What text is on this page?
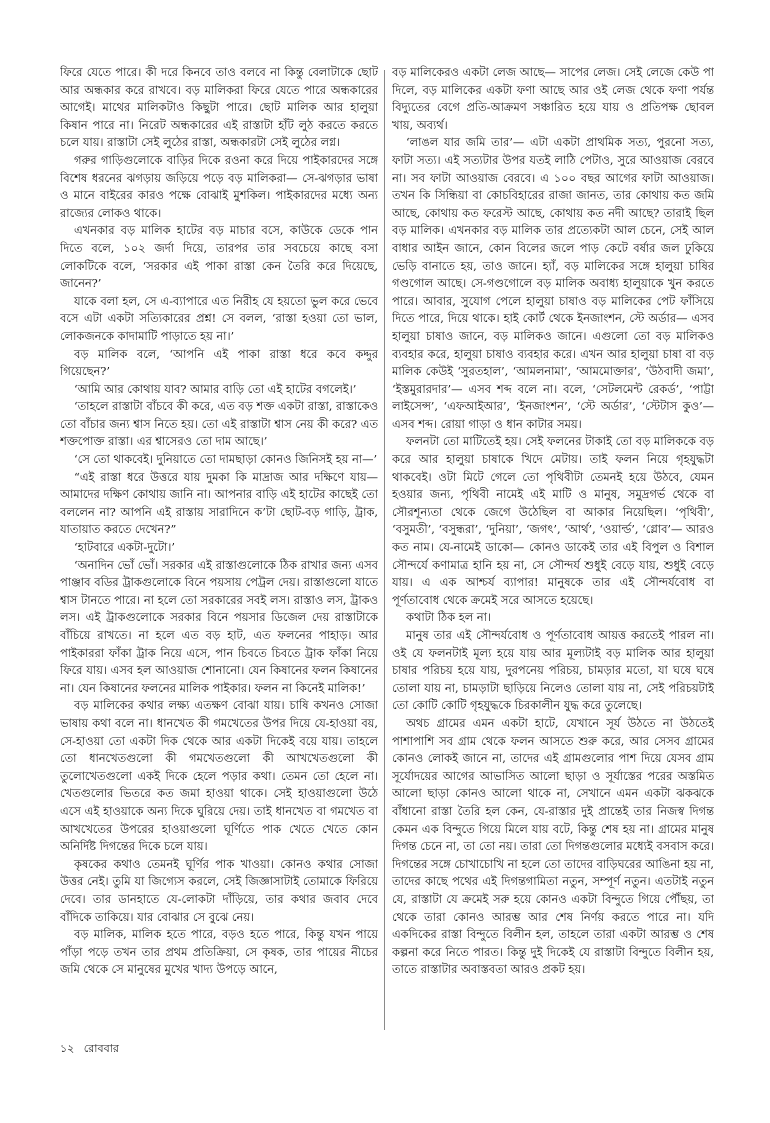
ফিরে যেতে পারে। কী দরে কিনবে তাও বলবে না কিন্তু বেলাটাকে ছোট আর অন্ধকার করে রাখবে। বড় মালিকরা ফিরে যেতে পারে অন্ধকারের আগেই। মাথের মালিকটাও কিছুটা পারে। ছোট মালিক আর হালুয়া কিষান পারে না। নিরেট অন্ধকারের এই রাস্তাটা হাঁট লুঠ করতে করতে চলে যায়। রাস্তাটা সেই লুঠের রাস্তা, অন্ধকারটা সেই লুঠের লগ্ন।

গরুর গাড়িগুলোকে বাড়ির দিকে রওনা করে দিয়ে পাইকারদের সঙ্গে বিশেষ ধরনের ঝগড়ায় জড়িয়ে পড়ে বড় মালিকরা— সে-ঝগড়ার ভাষা ও মানে বাইরের কারও পক্ষে বোঝাই মুশকিল। পাইকারদের মধ্যে অন্য রাজ্যের লোকও থাকে।

এখনকার বড় মালিক হাটের বড় মাচার বসে, কাউকে ডেকে পান দিতে বলে, ১০২ জর্দা দিয়ে, তারপর তার সবচেয়ে কাছে বসা লোকটিকে বলে, ‘সরকার এই পাকা রাস্তা কেন তৈরি করে দিয়েছে, জানেন?’

যাকে বলা হল, সে এ-ব্যাপারে এত নিরীহ যে হয়তো ভুল করে ভেবে বসে এটা একটা সত্যিকারের প্রশ্ন! সে বলল, ‘রাস্তা হওয়া তো ভাল, লোকজনকে কাদামাটি পাড়াতে হয় না।’

বড় মালিক বলে, ‘আপনি এই পাকা রাস্তা ধরে কবে কদ্দুর গিয়েছেন?’

‘আমি আর কোথায় যাব? আমার বাড়ি তো এই হাটের বগলেই।’

‘তাহলে রাস্তাটা বাঁচবে কী করে, এত বড় শক্ত একটা রাস্তা, রাস্তাকেও তো বাঁচার জন্য শ্বাস নিতে হয়। তো এই রাস্তাটা শ্বাস নেয় কী করে? এত শক্তপোক্ত রাস্তা। এর শ্বাসেরও তো দাম আছে।’

‘সে তো থাকবেই। দুনিয়াতে তো দামছাড়া কোনও জিনিসই হয় না—’

“এই রাস্তা ধরে উত্তরে যায় দুমকা কি মাদ্রাজ আর দক্ষিণে যায়— আমাদের দক্ষিণ কোথায় জানি না। আপনার বাড়ি এই হাটের কাছেই তো বললেন না? আপনি এই রাস্তায় সারাদিনে ক’টা ছোট-বড় গাড়ি, ট্রাক, যাতায়াত করতে দেখেন?”

‘হাটবারে একটা-দুটো।’

‘অনাদিন ভোঁ ভোঁ। সরকার এই রাস্তাগুলোকে ঠিক রাখার জন্য এসব পাঞ্জাব বডির ট্রাকগুলোকে বিনে পয়সায় পেট্রল দেয়। রাস্তাগুলো যাতে শ্বাস টানতে পারে। না হলে তো সরকারের সবই লস। রাস্তাও লস, ট্রাকও লস। এই ট্রাকগুলোকে সরকার বিনে পয়সার ডিজেল দেয় রাস্তাটাকে বাঁচিয়ে রাখতে। না হলে এত বড় হাট, এত ফলনের পাহাড়। আর পাইকাররা ফাঁকা ট্রাক নিয়ে এসে, পান চিবতে চিবতে ট্রাক ফাঁকা নিয়ে ফিরে যায়। এসব হল আওয়াজ শোনানো। যেন কিষানের ফলন কিষানের না। যেন কিষানের ফলনের মালিক পাইকার। ফলন না কিনেই মালিক!’

বড় মালিকের কথার লক্ষ্য এতক্ষণ বোঝা যায়। চাষি কখনও সোজা ভাষায় কথা বলে না। ধানখেত কী গমখেতের উপর দিয়ে যে-হাওয়া বয়, সে-হাওয়া তো একটা দিক থেকে আর একটা দিকেই বয়ে যায়। তাহলে তো ধানখেতগুলো কী গমখেতগুলো কী আখখেতগুলো কী তুলোখেতগুলো একই দিকে হেলে পড়ার কথা। তেমন তো হেলে না। খেতগুলোর ভিতরে কত জমা হাওয়া থাকে। সেই হাওয়াগুলো উঠে এসে এই হাওয়াকে অন্য দিকে ঘুরিয়ে দেয়। তাই ধানখেত বা গমখেত বা আখখেতের উপরের হাওয়াগুলো ঘূর্ণিতে পাক খেতে খেতে কোন অনির্দিষ্ট দিগন্তের দিকে চলে যায়।

কৃষকের কথাও তেমনই ঘূর্ণির পাক খাওয়া। কোনও কথার সোজা উত্তর নেই। তুমি যা জিগ্যেস করলে, সেই জিজ্ঞাসাটাই তোমাকে ফিরিয়ে দেবে। তার ডানহাতে যে-লোকটা দাঁড়িয়ে, তার কথার জবাব দেবে বাঁদিকে তাকিয়ে। যার বোঝার সে বুঝে নেয়।

বড় মালিক, মালিক হতে পারে, বড়ও হতে পারে, কিন্তু যখন পায়ে পাঁড়া পড়ে তখন তার প্রথম প্রতিক্রিয়া, সে কৃষক, তার পায়ের নীচের জমি থেকে সে মানুষের মুখের খাদ্য উপড়ে আনে,

বড় মালিকেরও একটা লেজ আছে— সাপের লেজ। সেই লেজে কেউ পা দিলে, বড় মালিকের একটা ফণা আছে আর ওই লেজ থেকে ফণা পর্যন্ত বিদ্যুতের বেগে প্রতি-আক্রমণ সঞ্চারিত হয়ে যায় ও প্রতিপক্ষ ছোবল খায়, অব্যর্থ।

‘লাঙল যার জমি তার’— এটা একটা প্রাথমিক সত্য, পুরনো সত্য, ফাটা সত্য। এই সত্যটার উপর যতই লাঠি পেটাও, সুরে আওয়াজ বেরবে না। সব ফাটা আওয়াজ বেরবে। এ ১০০ বছর আগের ফাটা আওয়াজ। তখন কি সিন্ধিয়া বা কোচবিহারের রাজা জানত, তার কোথায় কত জমি আছে, কোথায় কত ফরেস্ট আছে, কোথায় কত নদী আছে? তারাই ছিল বড় মালিক। এখনকার বড় মালিক তার প্রত্যেকটা আল চেনে, সেই আল বাধার আইন জানে, কোন বিলের জলে পাড় কেটে বর্ষার জল ঢুকিয়ে ভেড়ি বানাতে হয়, তাও জানে। হ্যাঁ, বড় মালিকের সঙ্গে হালুয়া চাষির গণ্ডগোল আছে। সে-গণ্ডগোলে বড় মালিক অবাধ্য হালুয়াকে খুন করতে পারে। আবার, সুযোগ পেলে হালুয়া চাষাও বড় মালিকের পেট ফাঁসিয়ে দিতে পারে, দিয়ে থাকে। হাই কোর্ট থেকে ইনজাংশন, স্টে অর্ডার— এসব হালুয়া চাষাও জানে, বড় মালিকও জানে। এগুলো তো বড় মালিকও ব্যবহার করে, হালুয়া চাষাও ব্যবহার করে। এখন আর হালুয়া চাষা বা বড় মালিক কেউই ‘সুরতহাল’, ‘আমলনামা’, ‘আমমোক্তার’, ‘উঠবাদী জমা’, ‘ইস্তমুরারদার’— এসব শব্দ বলে না। বলে, ‘সেটলমেন্ট রেকর্ড’, ‘পাট্টা লাইসেন্স’, ‘এফআইআর’, ‘ইনজাংশন’, ‘স্টে অর্ডার’, ‘স্টেটাস কুও’— এসব শব্দ। রোয়া গাড়া ও ধান কাটার সময়।

ফলনটা তো মাটিতেই হয়। সেই ফলনের টাকাই তো বড় মালিককে বড় করে আর হালুয়া চাষাকে খিদে মেটায়। তাই ফলন নিয়ে গৃহযুদ্ধটা থাকবেই। ওটা মিটে গেলে তো পৃথিবীটা তেমনই হয়ে উঠবে, যেমন হওয়ার জন্য, পৃথিবী নামেই এই মাটি ও মানুষ, সমুদ্রগর্ভ থেকে বা সৌরশূন্যতা থেকে জেগে উঠেছিল বা আকার নিয়েছিল। ‘পৃথিবী’, ‘বসুমতী’, ‘বসুন্ধরা’, ‘দুনিয়া’, ‘জগৎ’, ‘আর্থ’, ‘ওয়ার্ল্ড’, ‘গ্লোব’— আরও কত নাম। যে-নামেই ডাকো— কোনও ডাকেই তার এই বিপুল ও বিশাল সৌন্দর্যে কণামাত্র হানি হয় না, সে সৌন্দর্য শুধুই বেড়ে যায়, শুধুই বেড়ে যায়। এ এক আশ্চর্য ব্যাপার! মানুষকে তার এই সৌন্দর্যবোধ বা পূর্ণতাবোধ থেকে ক্রমেই সরে আসতে হয়েছে।

কথাটা ঠিক হল না।

মানুষ তার এই সৌন্দর্যবোধ ও পূর্ণতাবোধ আয়ত্ত করতেই পারল না। ওই যে ফলনটাই মূল্য হয়ে যায় আর মূল্যটাই বড় মালিক আর হালুয়া চাষার পরিচয় হয়ে যায়, দুরপনেয় পরিচয়, চামড়ার মতো, যা ঘষে ঘষে তোলা যায় না, চামড়াটা ছাড়িয়ে নিলেও তোলা যায় না, সেই পরিচয়টাই তো কোটি কোটি গৃহযুদ্ধকে চিরকালীন যুদ্ধ করে তুলেছে।

অথচ গ্রামের এমন একটা হাটে, যেখানে সূর্য উঠতে না উঠতেই পাশাপাশি সব গ্রাম থেকে ফলন আসতে শুরু করে, আর সেসব গ্রামের কোনও লোকই জানে না, তাদের এই গ্রামগুলোর পাশ দিয়ে যেসব গ্রাম সূর্যোদয়ের আগের আভাসিত আলো ছাড়া ও সূর্যাস্তের পরের অস্তমিত আলো ছাড়া কোনও আলো থাকে না, সেখানে এমন একটা ঝকঝকে বাঁধানো রাস্তা তৈরি হল কেন, যে-রাস্তার দুই প্রান্তেই তার নিজস্ব দিগন্ত কেমন এক বিন্দুতে গিয়ে মিলে যায় বটে, কিন্তু শেষ হয় না। গ্রামের মানুষ দিগন্ত চেনে না, তা তো নয়। তারা তো দিগন্তগুলোর মধ্যেই বসবাস করে। দিগন্তের সঙ্গে চোখাচোখি না হলে তো তাদের বাড়িঘরের আঙিনা হয় না, তাদের কাছে পথের এই দিগন্তগামিতা নতুন, সম্পূর্ণ নতুন। এতটাই নতুন যে, রাস্তাটা যে ক্রমেই সরু হয়ে কোনও একটা বিন্দুতে গিয়ে পৌঁছয়, তা থেকে তারা কোনও আরম্ভ আর শেষ নির্ণয় করতে পারে না। যদি একদিকের রাস্তা বিন্দুতে বিলীন হল, তাহলে তারা একটা আরম্ভ ও শেষ কল্পনা করে নিতে পারত। কিন্তু দুই দিকেই যে রাস্তাটা বিন্দুতে বিলীন হয়, তাতে রাস্তাটার অবাস্তবতা আরও প্রকট হয়।

১২ রোববার
